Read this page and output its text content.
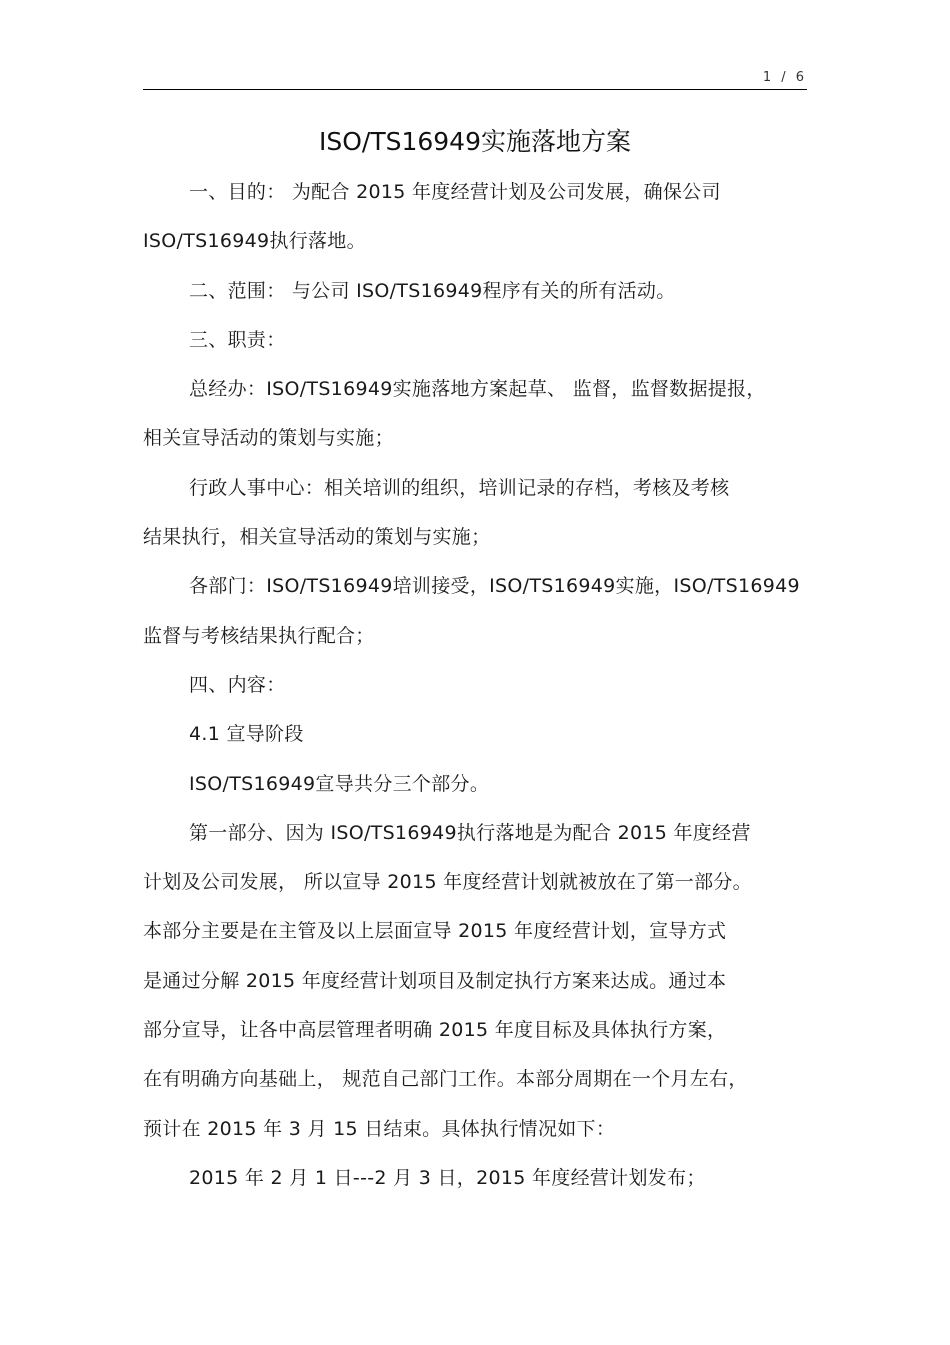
1 / 6
ISO/TS16949实施落地方案
一、目的： 为配合 2015 年度经营计划及公司发展，确保公司
ISO/TS16949执行落地。
二、范围： 与公司 ISO/TS16949程序有关的所有活动。
三、职责：
总经办：ISO/TS16949实施落地方案起草、 监督，监督数据提报，
相关宣导活动的策划与实施；
行政人事中心：相关培训的组织，培训记录的存档，考核及考核
结果执行，相关宣导活动的策划与实施；
各部门：ISO/TS16949培训接受，ISO/TS16949实施，ISO/TS16949
监督与考核结果执行配合；
四、内容：
4.1 宣导阶段
ISO/TS16949宣导共分三个部分。
第一部分、因为 ISO/TS16949执行落地是为配合 2015 年度经营
计划及公司发展， 所以宣导 2015 年度经营计划就被放在了第一部分。
本部分主要是在主管及以上层面宣导 2015 年度经营计划，宣导方式
是通过分解 2015 年度经营计划项目及制定执行方案来达成。通过本
部分宣导，让各中高层管理者明确 2015 年度目标及具体执行方案，
在有明确方向基础上， 规范自己部门工作。本部分周期在一个月左右，
预计在 2015 年 3 月 15 日结束。具体执行情况如下：
2015 年 2 月 1 日---2 月 3 日，2015 年度经营计划发布；
